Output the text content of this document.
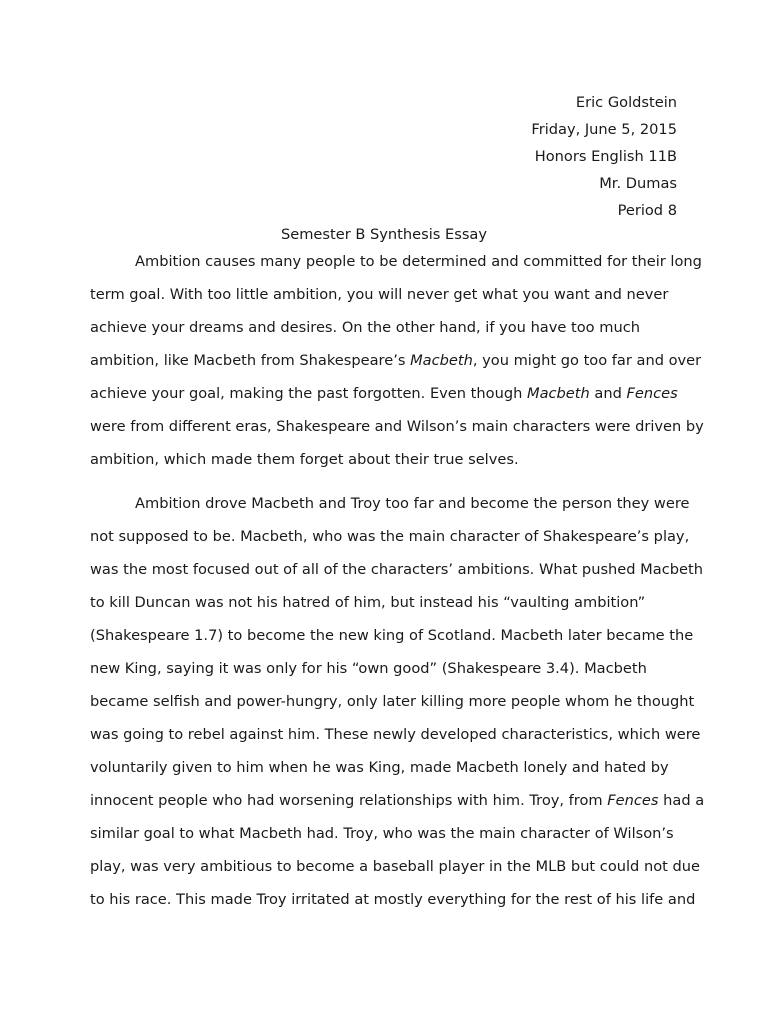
Eric Goldstein
Friday, June 5, 2015
Honors English 11B
Mr. Dumas
Period 8
Semester B Synthesis Essay
Ambition causes many people to be determined and committed for their long
term goal. With too little ambition, you will never get what you want and never
achieve your dreams and desires. On the other hand, if you have too much
ambition, like Macbeth from Shakespeare’s Macbeth, you might go too far and over
achieve your goal, making the past forgotten. Even though Macbeth and Fences
were from different eras, Shakespeare and Wilson’s main characters were driven by
ambition, which made them forget about their true selves.
Ambition drove Macbeth and Troy too far and become the person they were
not supposed to be. Macbeth, who was the main character of Shakespeare’s play,
was the most focused out of all of the characters’ ambitions. What pushed Macbeth
to kill Duncan was not his hatred of him, but instead his “vaulting ambition”
(Shakespeare 1.7) to become the new king of Scotland. Macbeth later became the
new King, saying it was only for his “own good” (Shakespeare 3.4). Macbeth
became selfish and power-hungry, only later killing more people whom he thought
was going to rebel against him. These newly developed characteristics, which were
voluntarily given to him when he was King, made Macbeth lonely and hated by
innocent people who had worsening relationships with him. Troy, from Fences had a
similar goal to what Macbeth had. Troy, who was the main character of Wilson’s
play, was very ambitious to become a baseball player in the MLB but could not due
to his race. This made Troy irritated at mostly everything for the rest of his life and
